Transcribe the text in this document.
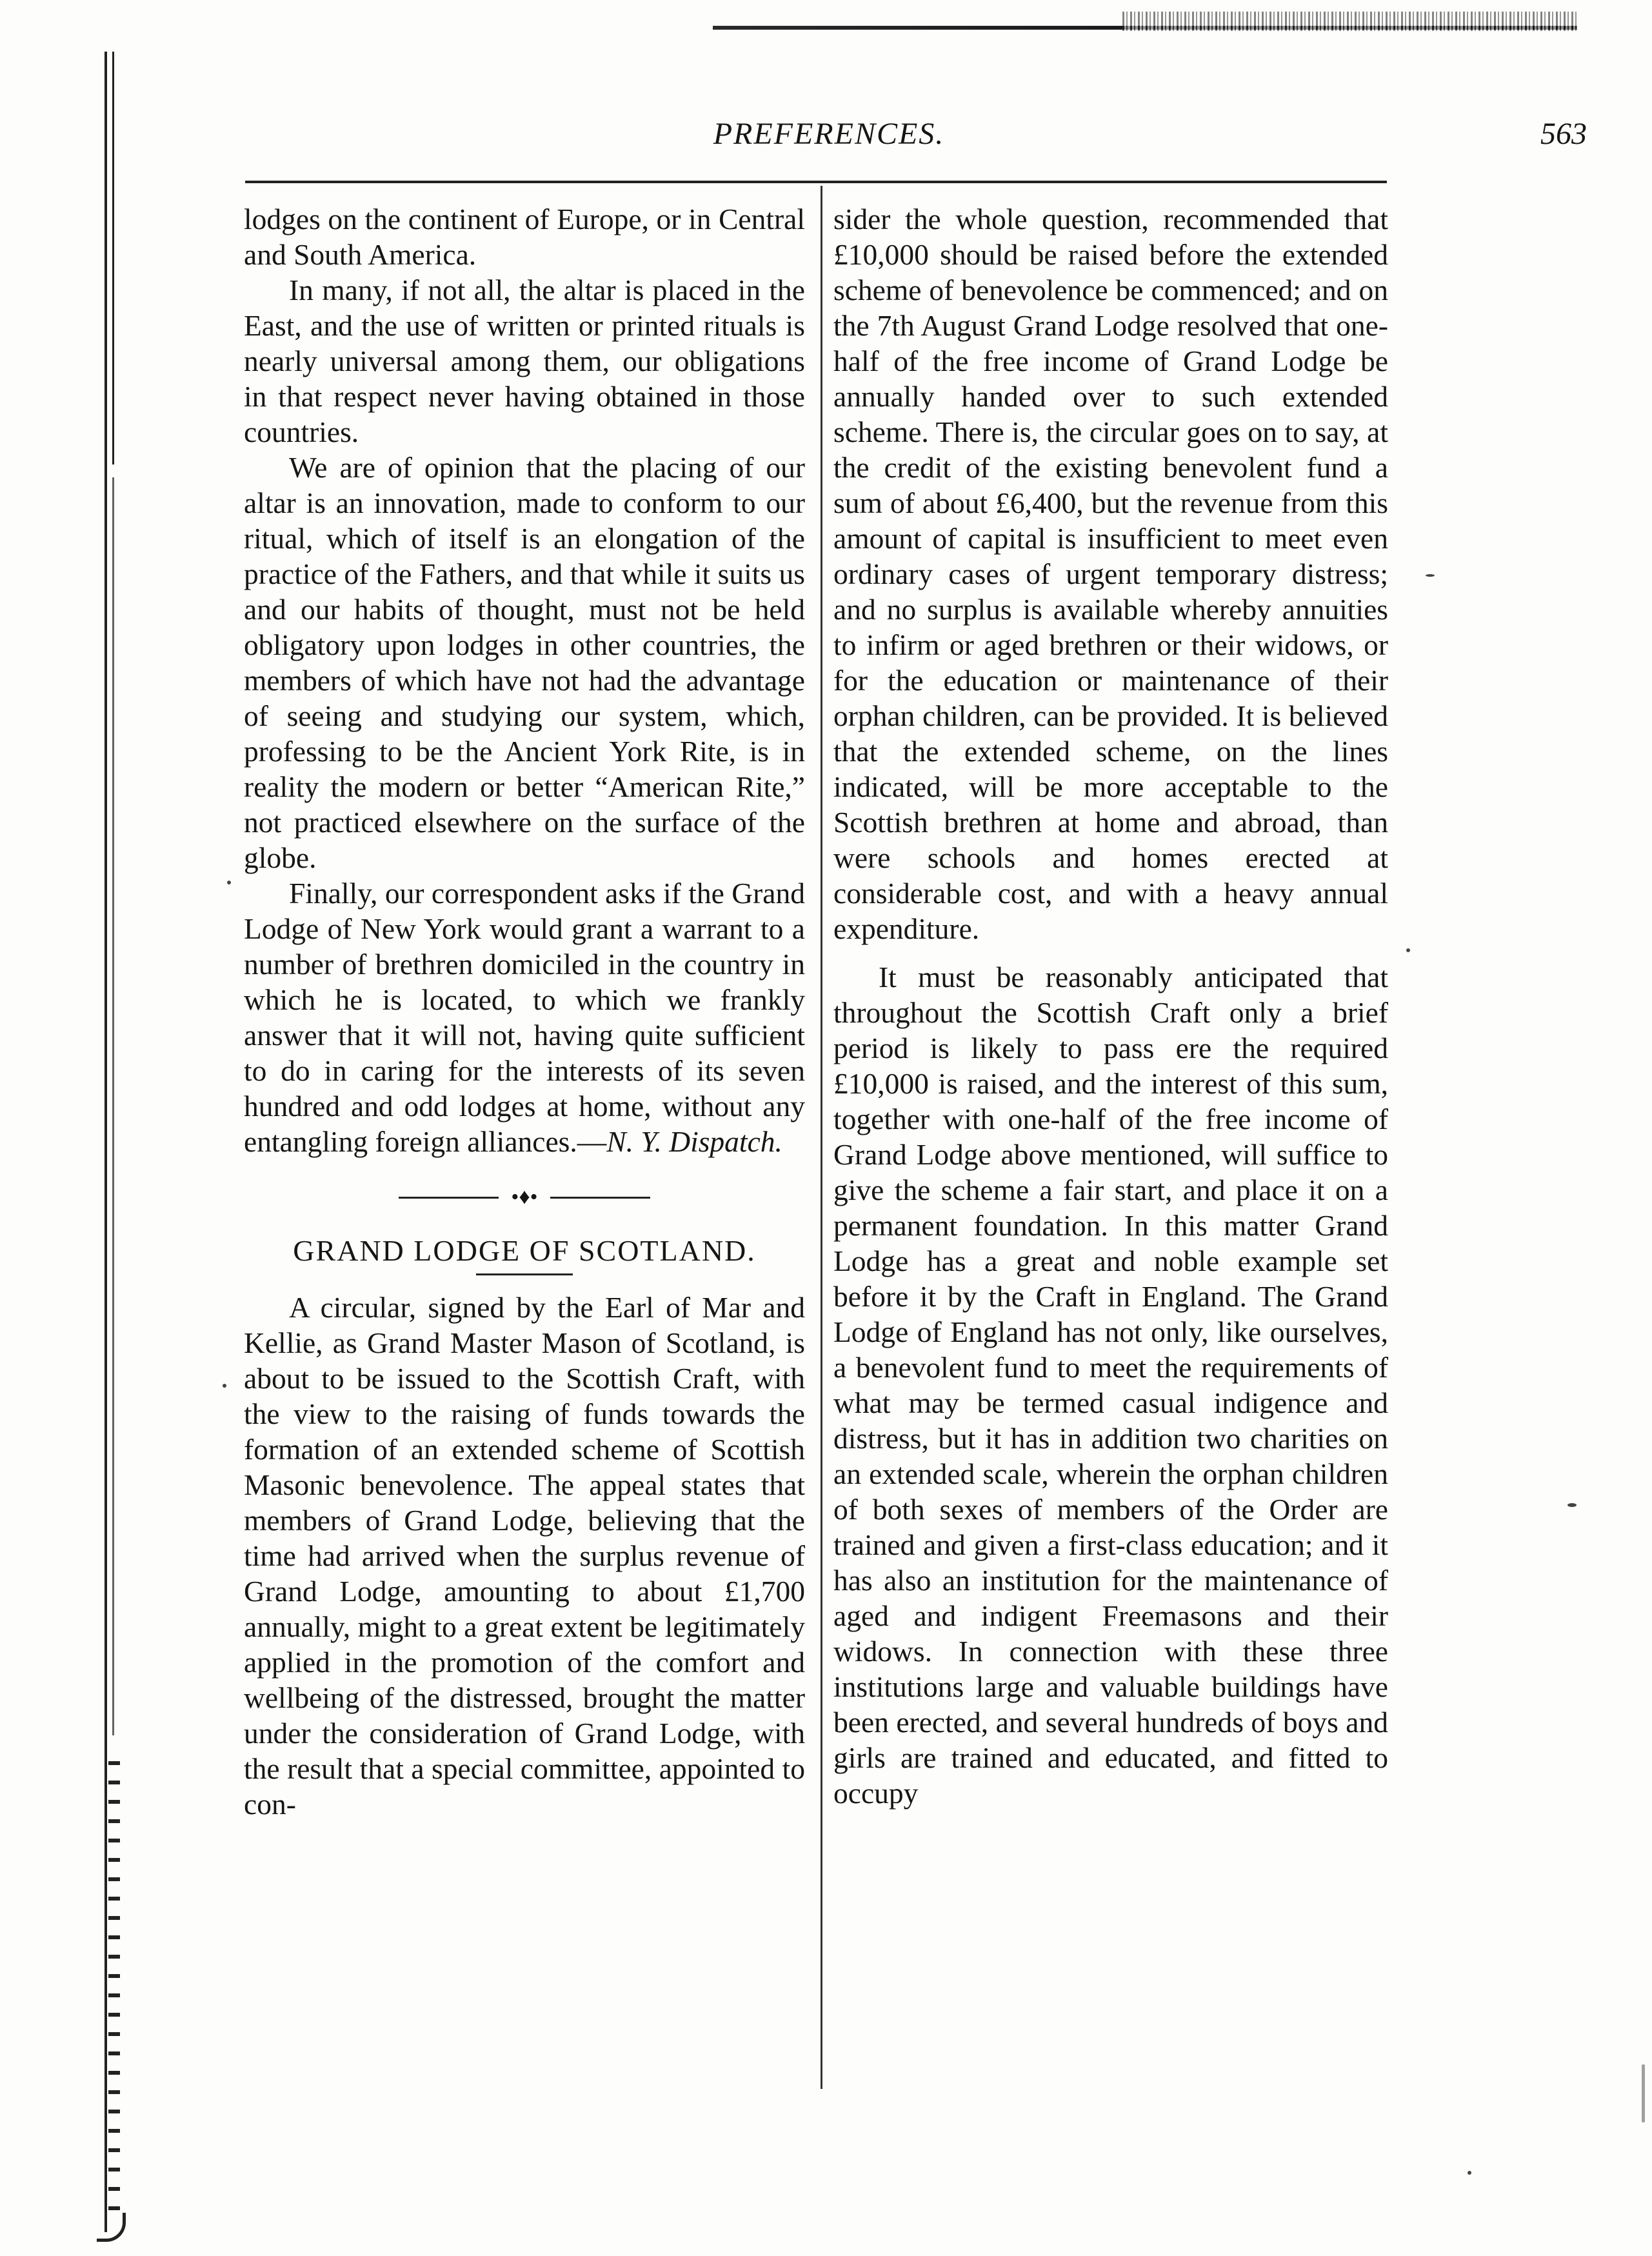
PREFERENCES.	563

lodges on the continent of Europe, or in Central and South America.

In many, if not all, the altar is placed in the East, and the use of written or printed rituals is nearly universal among them, our obligations in that respect never having obtained in those countries.

We are of opinion that the placing of our altar is an innovation, made to conform to our ritual, which of itself is an elongation of the practice of the Fathers, and that while it suits us and our habits of thought, must not be held obligatory upon lodges in other countries, the members of which have not had the advantage of seeing and studying our system, which, professing to be the Ancient York Rite, is in reality the modern or better “American Rite,” not practiced elsewhere on the surface of the globe.

Finally, our correspondent asks if the Grand Lodge of New York would grant a warrant to a number of brethren domiciled in the country in which he is located, to which we frankly answer that it will not, having quite sufficient to do in caring for the interests of its seven hundred and odd lodges at home, without any entangling foreign alliances.—N. Y. Dispatch.

•♦•
GRAND LODGE OF SCOTLAND.

A circular, signed by the Earl of Mar and Kellie, as Grand Master Mason of Scotland, is about to be issued to the Scottish Craft, with the view to the raising of funds towards the formation of an extended scheme of Scottish Masonic benevolence. The appeal states that members of Grand Lodge, believing that the time had arrived when the surplus revenue of Grand Lodge, amounting to about £1,700 annually, might to a great extent be legitimately applied in the promotion of the comfort and wellbeing of the distressed, brought the matter under the consideration of Grand Lodge, with the result that a special committee, appointed to con-

sider the whole question, recommended that £10,000 should be raised before the extended scheme of benevolence be commenced; and on the 7th August Grand Lodge resolved that one-half of the free income of Grand Lodge be annually handed over to such extended scheme. There is, the circular goes on to say, at the credit of the existing benevolent fund a sum of about £6,400, but the revenue from this amount of capital is insufficient to meet even ordinary cases of urgent temporary distress; and no surplus is available whereby annuities to infirm or aged brethren or their widows, or for the education or maintenance of their orphan children, can be provided. It is believed that the extended scheme, on the lines indicated, will be more acceptable to the Scottish brethren at home and abroad, than were schools and homes erected at considerable cost, and with a heavy annual expenditure.

It must be reasonably anticipated that throughout the Scottish Craft only a brief period is likely to pass ere the required £10,000 is raised, and the interest of this sum, together with one-half of the free income of Grand Lodge above mentioned, will suffice to give the scheme a fair start, and place it on a permanent foundation. In this matter Grand Lodge has a great and noble example set before it by the Craft in England. The Grand Lodge of England has not only, like ourselves, a benevolent fund to meet the requirements of what may be termed casual indigence and distress, but it has in addition two charities on an extended scale, wherein the orphan children of both sexes of members of the Order are trained and given a first-class education; and it has also an institution for the maintenance of aged and indigent Freemasons and their widows. In connection with these three institutions large and valuable buildings have been erected, and several hundreds of boys and girls are trained and educated, and fitted to occupy
